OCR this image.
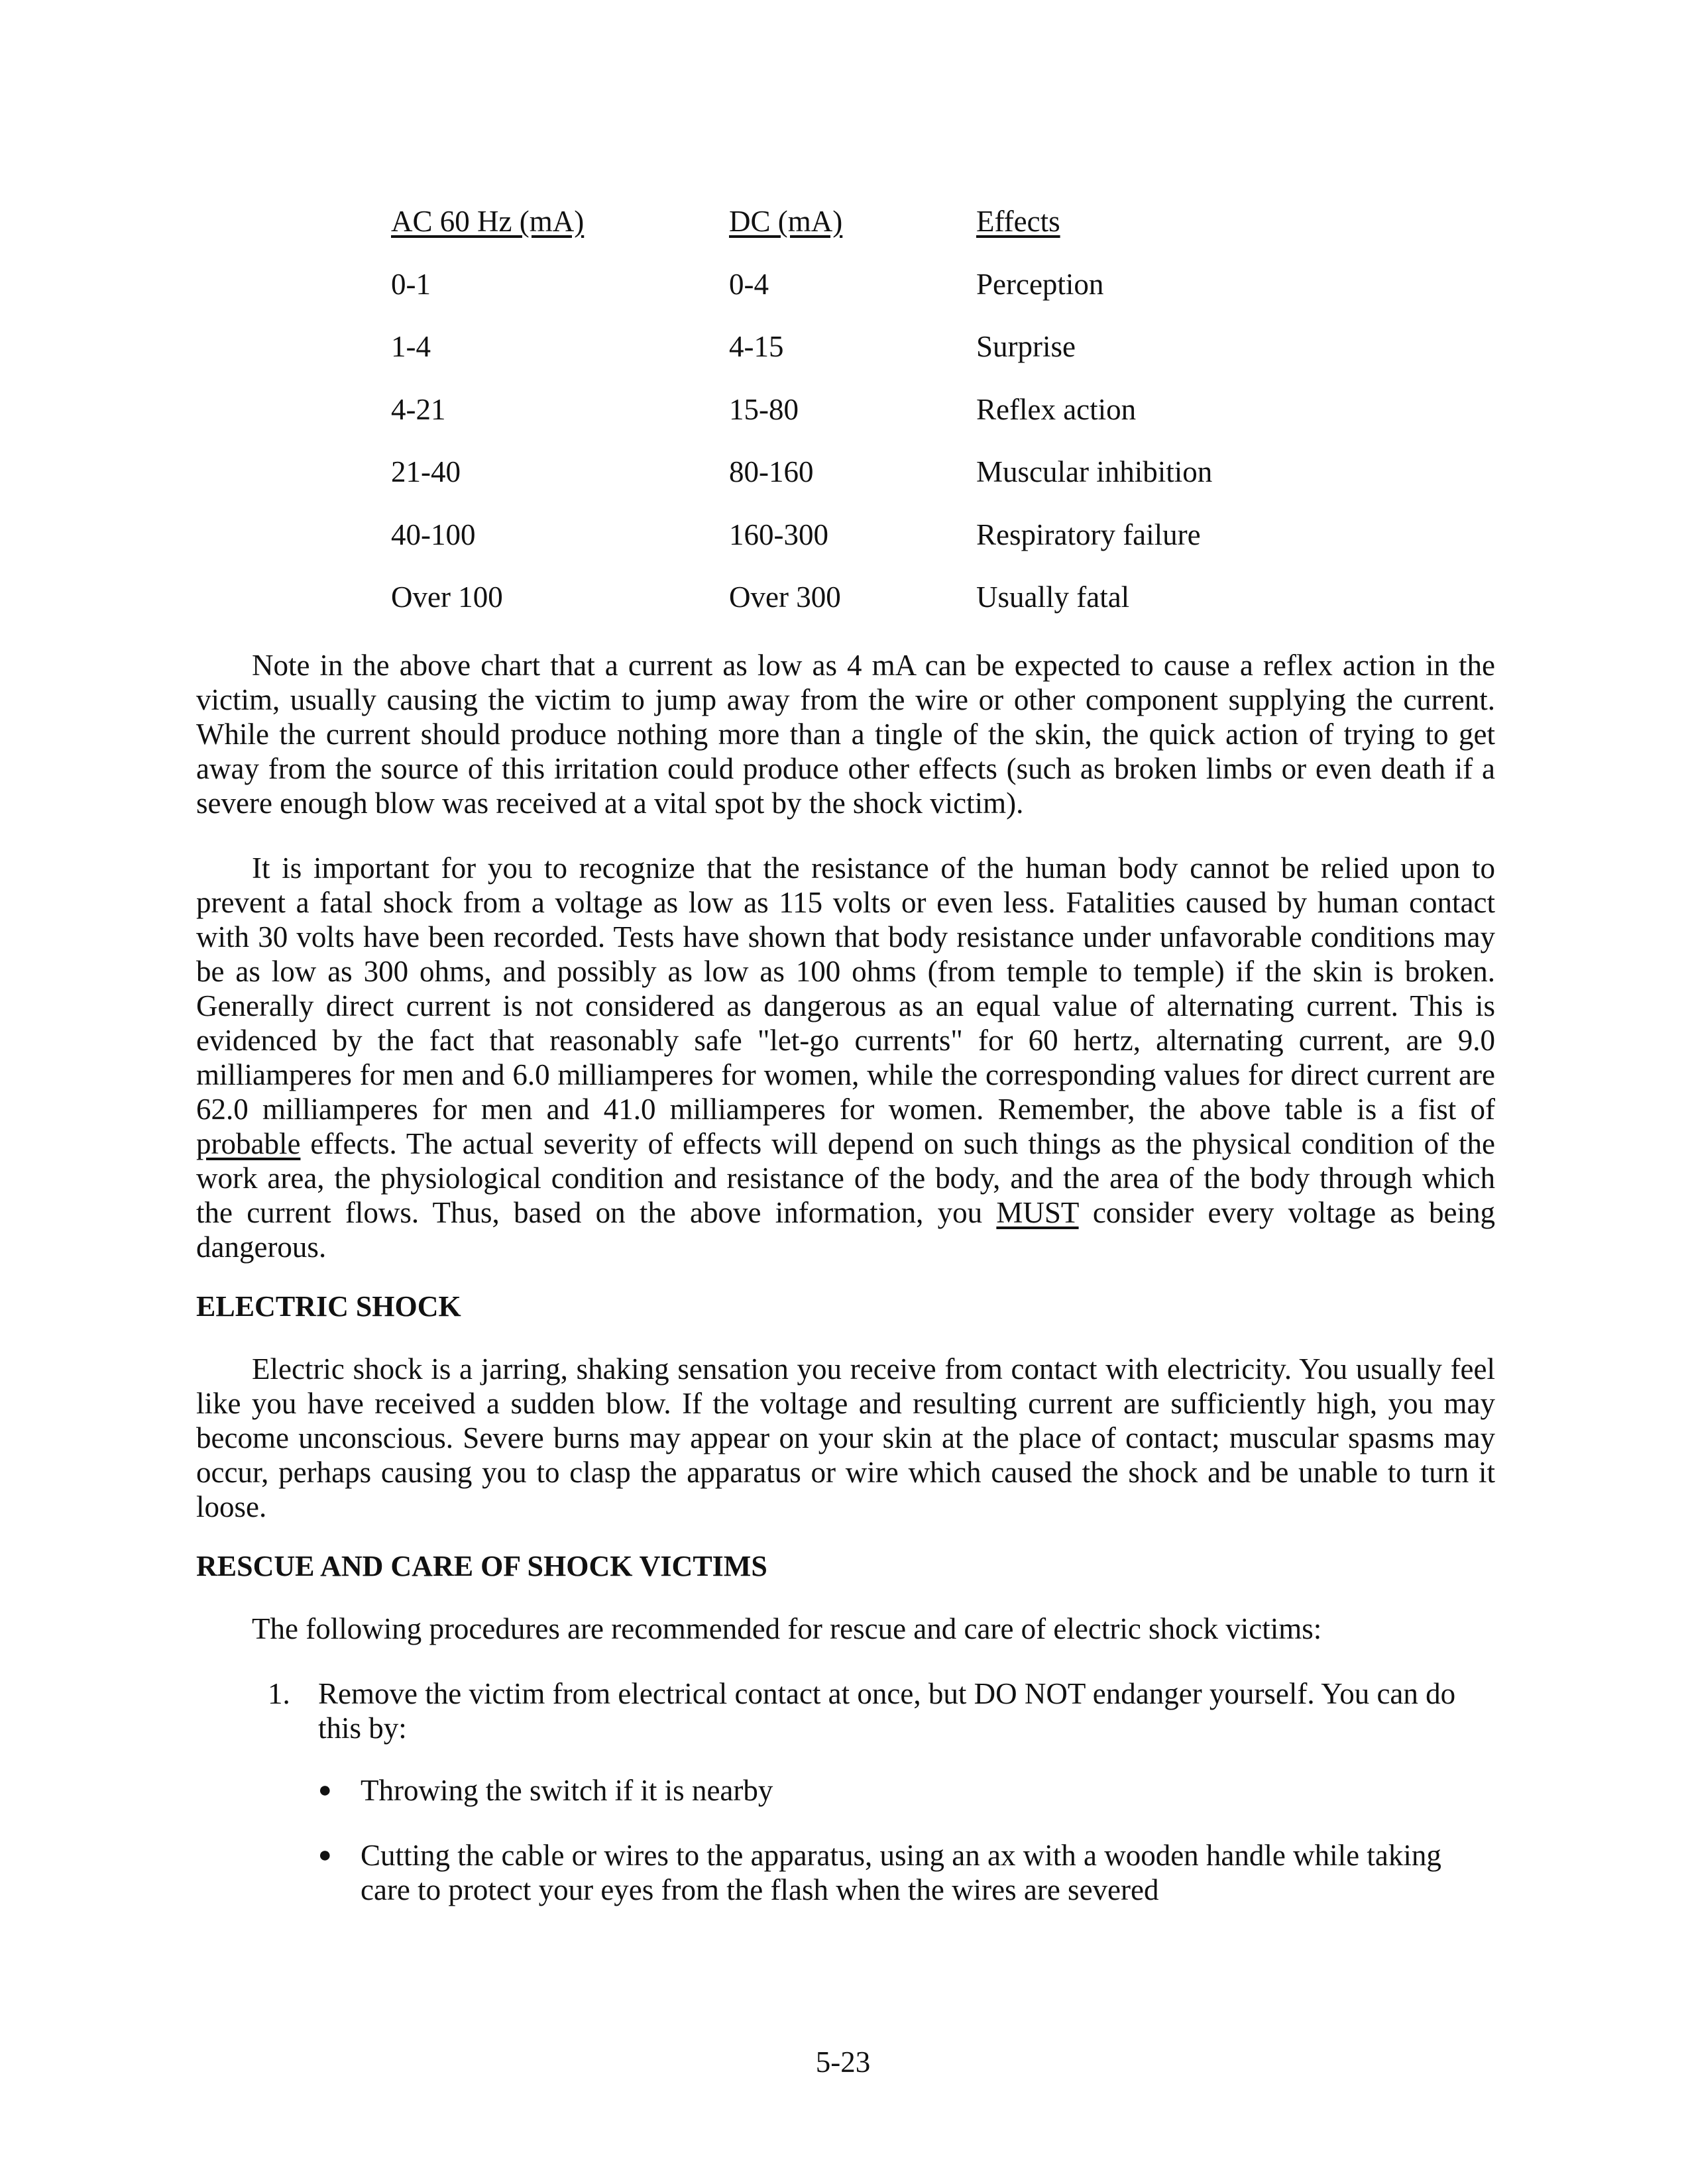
AC 60 Hz (mA)	DC (mA)	Effects
0-1	0-4	Perception
1-4	4-15	Surprise
4-21	15-80	Reflex action
21-40	80-160	Muscular inhibition
40-100	160-300	Respiratory failure
Over 100	Over 300	Usually fatal

Note in the above chart that a current as low as 4 mA can be expected to cause a reflex action in the victim, usually causing the victim to jump away from the wire or other component supplying the current. While the current should produce nothing more than a tingle of the skin, the quick action of trying to get away from the source of this irritation could produce other effects (such as broken limbs or even death if a severe enough blow was received at a vital spot by the shock victim).

It is important for you to recognize that the resistance of the human body cannot be relied upon to prevent a fatal shock from a voltage as low as 115 volts or even less. Fatalities caused by human contact with 30 volts have been recorded. Tests have shown that body resistance under unfavorable conditions may be as low as 300 ohms, and possibly as low as 100 ohms (from temple to temple) if the skin is broken. Generally direct current is not considered as dangerous as an equal value of alternating current. This is evidenced by the fact that reasonably safe "let-go currents" for 60 hertz, alternating current, are 9.0 milliamperes for men and 6.0 milliamperes for women, while the corresponding values for direct current are 62.0 milliamperes for men and 41.0 milliamperes for women. Remember, the above table is a fist of probable effects. The actual severity of effects will depend on such things as the physical condition of the work area, the physiological condition and resistance of the body, and the area of the body through which the current flows. Thus, based on the above information, you MUST consider every voltage as being dangerous.

ELECTRIC SHOCK

Electric shock is a jarring, shaking sensation you receive from contact with electricity. You usually feel like you have received a sudden blow. If the voltage and resulting current are sufficiently high, you may become unconscious. Severe burns may appear on your skin at the place of contact; muscular spasms may occur, perhaps causing you to clasp the apparatus or wire which caused the shock and be unable to turn it loose.

RESCUE AND CARE OF SHOCK VICTIMS

The following procedures are recommended for rescue and care of electric shock victims:

1. Remove the victim from electrical contact at once, but DO NOT endanger yourself. You can do this by:
● Throwing the switch if it is nearby
● Cutting the cable or wires to the apparatus, using an ax with a wooden handle while taking care to protect your eyes from the flash when the wires are severed
5-23
